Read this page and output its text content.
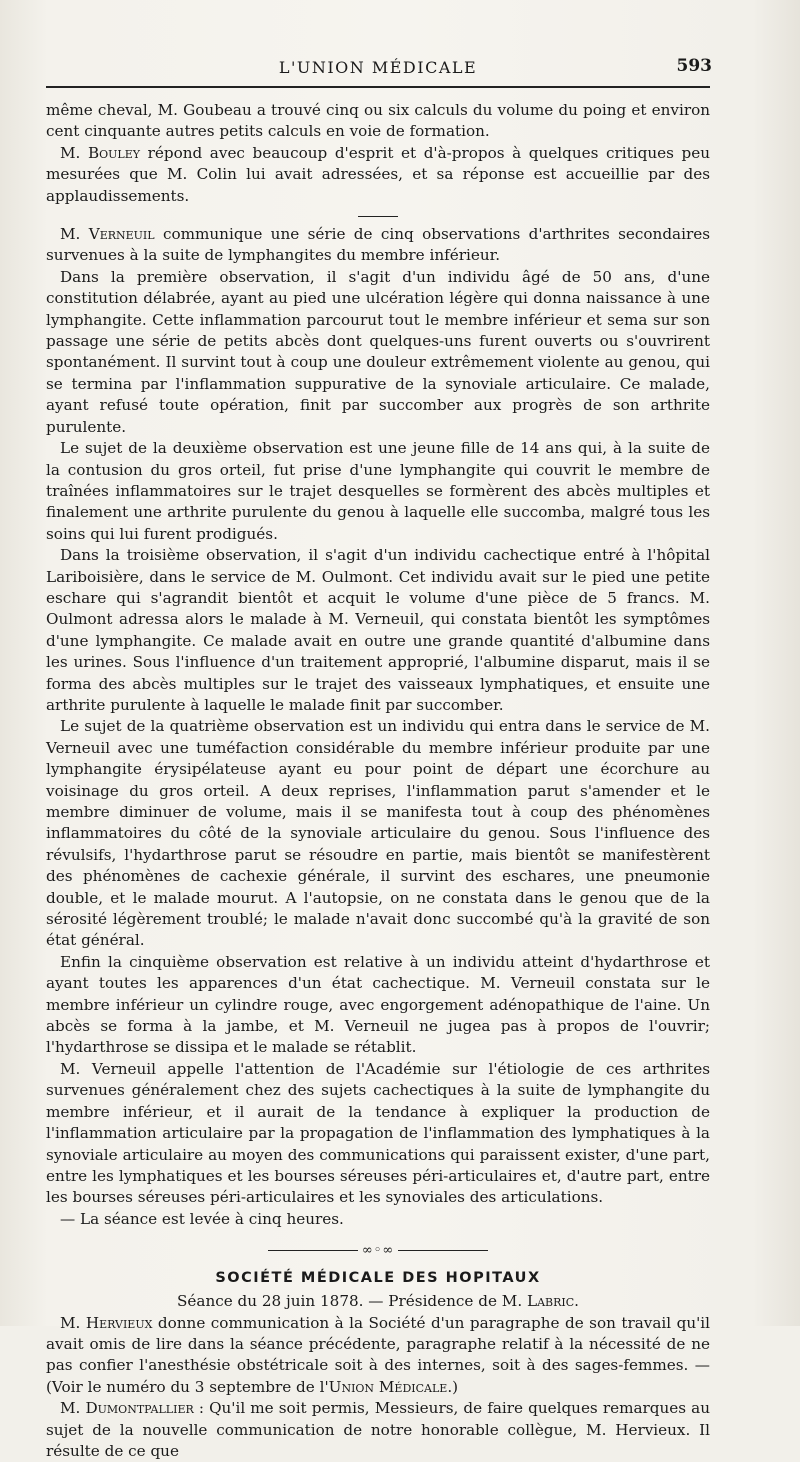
L'UNION MÉDICALE	593

même cheval, M. Goubeau a trouvé cinq ou six calculs du volume du poing et environ cent cinquante autres petits calculs en voie de formation.

M. Bouley répond avec beaucoup d'esprit et d'à-propos à quelques critiques peu mesurées que M. Colin lui avait adressées, et sa réponse est accueillie par des applaudissements.

M. Verneuil communique une série de cinq observations d'arthrites secondaires survenues à la suite de lymphangites du membre inférieur.

Dans la première observation, il s'agit d'un individu âgé de 50 ans, d'une constitution délabrée, ayant au pied une ulcération légère qui donna naissance à une lymphangite. Cette inflammation parcourut tout le membre inférieur et sema sur son passage une série de petits abcès dont quelques-uns furent ouverts ou s'ouvrirent spontanément. Il survint tout à coup une douleur extrêmement violente au genou, qui se termina par l'inflammation suppurative de la synoviale articulaire. Ce malade, ayant refusé toute opération, finit par succomber aux progrès de son arthrite purulente.

Le sujet de la deuxième observation est une jeune fille de 14 ans qui, à la suite de la contusion du gros orteil, fut prise d'une lymphangite qui couvrit le membre de traînées inflammatoires sur le trajet desquelles se formèrent des abcès multiples et finalement une arthrite purulente du genou à laquelle elle succomba, malgré tous les soins qui lui furent prodigués.

Dans la troisième observation, il s'agit d'un individu cachectique entré à l'hôpital Lariboisière, dans le service de M. Oulmont. Cet individu avait sur le pied une petite eschare qui s'agrandit bientôt et acquit le volume d'une pièce de 5 francs. M. Oulmont adressa alors le malade à M. Verneuil, qui constata bientôt les symptômes d'une lymphangite. Ce malade avait en outre une grande quantité d'albumine dans les urines. Sous l'influence d'un traitement approprié, l'albumine disparut, mais il se forma des abcès multiples sur le trajet des vaisseaux lymphatiques, et ensuite une arthrite purulente à laquelle le malade finit par succomber.

Le sujet de la quatrième observation est un individu qui entra dans le service de M. Verneuil avec une tuméfaction considérable du membre inférieur produite par une lymphangite érysipélateuse ayant eu pour point de départ une écorchure au voisinage du gros orteil. A deux reprises, l'inflammation parut s'amender et le membre diminuer de volume, mais il se manifesta tout à coup des phénomènes inflammatoires du côté de la synoviale articulaire du genou. Sous l'influence des révulsifs, l'hydarthrose parut se résoudre en partie, mais bientôt se manifestèrent des phénomènes de cachexie générale, il survint des eschares, une pneumonie double, et le malade mourut. A l'autopsie, on ne constata dans le genou que de la sérosité légèrement troublé; le malade n'avait donc succombé qu'à la gravité de son état général.

Enfin la cinquième observation est relative à un individu atteint d'hydarthrose et ayant toutes les apparences d'un état cachectique. M. Verneuil constata sur le membre inférieur un cylindre rouge, avec engorgement adénopathique de l'aine. Un abcès se forma à la jambe, et M. Verneuil ne jugea pas à propos de l'ouvrir; l'hydarthrose se dissipa et le malade se rétablit.

M. Verneuil appelle l'attention de l'Académie sur l'étiologie de ces arthrites survenues généralement chez des sujets cachectiques à la suite de lymphangite du membre inférieur, et il aurait de la tendance à expliquer la production de l'inflammation articulaire par la propagation de l'inflammation des lymphatiques à la synoviale articulaire au moyen des communications qui paraissent exister, d'une part, entre les lymphatiques et les bourses séreuses péri-articulaires et, d'autre part, entre les bourses séreuses péri-articulaires et les synoviales des articulations.

— La séance est levée à cinq heures.

∞◦∞
SOCIÉTÉ MÉDICALE DES HOPITAUX
Séance du 28 juin 1878. — Présidence de M. Labric.

M. Hervieux donne communication à la Société d'un paragraphe de son travail qu'il avait omis de lire dans la séance précédente, paragraphe relatif à la nécessité de ne pas confier l'anesthésie obstétricale soit à des internes, soit à des sages-femmes. — (Voir le numéro du 3 septembre de l'Union Médicale.)

M. Dumontpallier : Qu'il me soit permis, Messieurs, de faire quelques remarques au sujet de la nouvelle communication de notre honorable collègue, M. Hervieux. Il résulte de ce que
